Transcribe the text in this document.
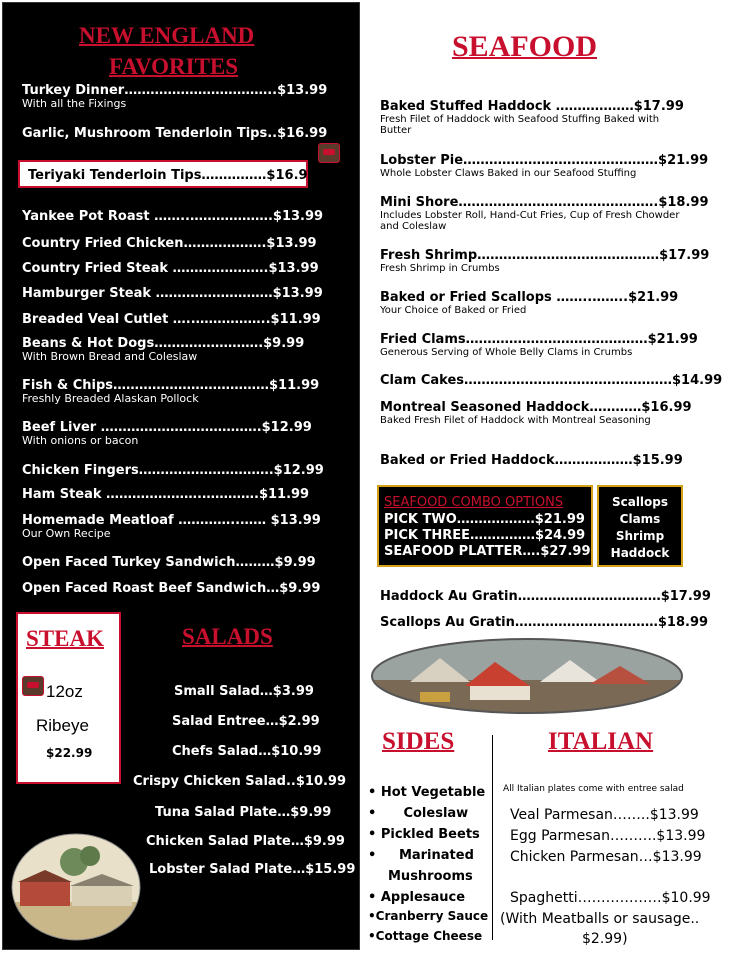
NEW ENGLAND
FAVORITES
Turkey Dinner……………………………..$13.99
With all the Fixings
Garlic, Mushroom Tenderloin Tips..$16.99
Teriyaki Tenderloin Tips……………$16.99
Yankee Pot Roast ……..……………….$13.99
Country Fried Chicken……………….$13.99
Country Fried Steak ………………….$13.99
Hamburger Steak ………………………$13.99
Breaded Veal Cutlet …..……………..$11.99
Beans & Hot Dogs…………………….$9.99
With Brown Bread and Coleslaw
Fish & Chips………………………………$11.99
Freshly Breaded Alaskan Pollock
Beef Liver ……………………………….$12.99
With onions or bacon
Chicken Fingers………………………….$12.99
Ham Steak ………………….………….$11.99
Homemade Meatloaf …………..…… $13.99
Our Own Recipe
Open Faced Turkey Sandwich………$9.99
Open Faced Roast Beef Sandwich…$9.99
STEAK
12oz
Ribeye
$22.99
SALADS
Small Salad…$3.99
Salad Entree…$2.99
Chefs Salad…$10.99
Crispy Chicken Salad..$10.99
Tuna Salad Plate…$9.99
Chicken Salad Plate…$9.99
Lobster Salad Plate…$15.99
SEAFOOD
Baked Stuffed Haddock ………………$17.99
Fresh Filet of Haddock with Seafood Stuffing Baked with Butter
Lobster Pie………………………………………$21.99
Whole Lobster Claws Baked in our Seafood Stuffing
Mini Shore……………………………………….$18.99
Includes Lobster Roll, Hand-Cut Fries, Cup of Fresh Chowder and Coleslaw
Fresh Shrimp……………………………………$17.99
Fresh Shrimp in Crumbs
Baked or Fried Scallops ……..……..$21.99
Your Choice of Baked or Fried
Fried Clams……………………………………$21.99
Generous Serving of Whole Belly Clams in Crumbs
Clam Cakes…………………………………………$14.99
Montreal Seasoned Haddock…………$16.99
Baked Fresh Filet of Haddock with Montreal Seasoning
Baked or Fried Haddock………………$15.99
SEAFOOD COMBO OPTIONS
PICK TWO………………$21.99
PICK THREE……………$24.99
SEAFOOD PLATTER….$27.99
Scallops
Clams
Shrimp
Haddock
Haddock Au Gratin……………………………$17.99
Scallops Au Gratin……………………………$18.99
SIDES
• Hot Vegetable
•      Coleslaw
• Pickled Beets
•     Marinated
Mushrooms
• Applesauce
•Cranberry Sauce
•Cottage Cheese
ITALIAN
All Italian plates come with entree salad
Veal Parmesan……..$13.99
Egg Parmesan……….$13.99
Chicken Parmesan…$13.99
Spaghetti………………$10.99
(With Meatballs or sausage..
$2.99)
